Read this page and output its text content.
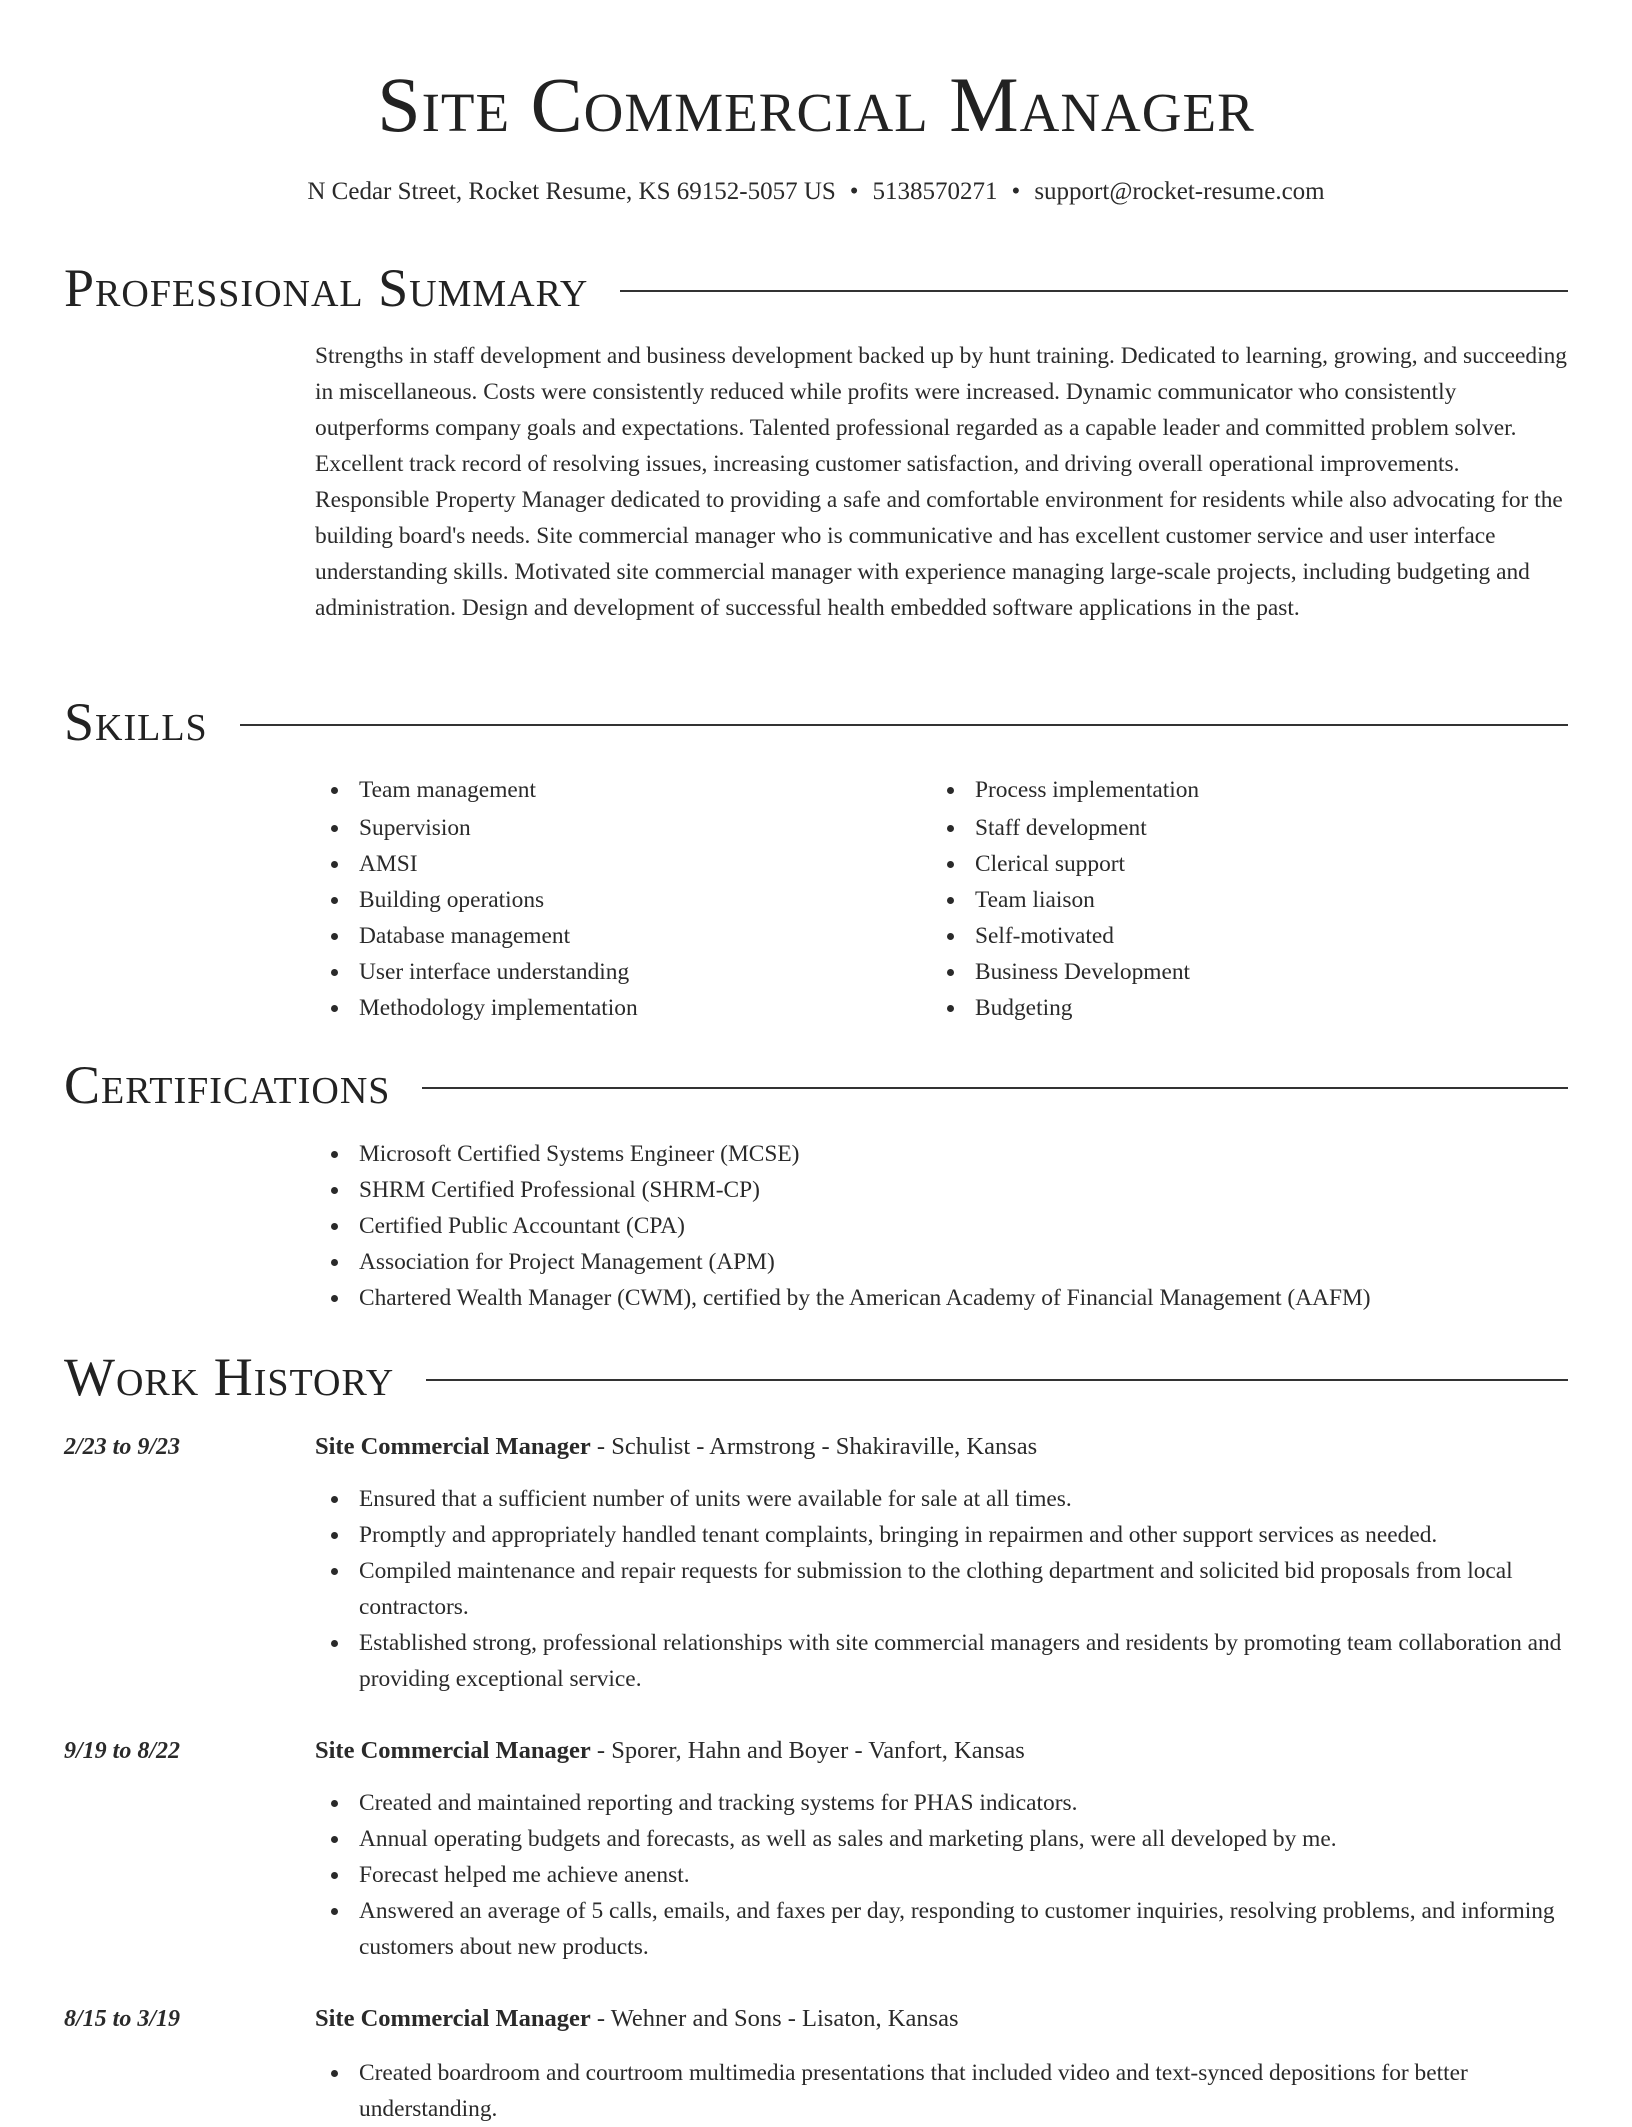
Site Commercial Manager
N Cedar Street, Rocket Resume, KS 69152-5057 US • 5138570271 • support@rocket-resume.com
Professional Summary

Strengths in staff development and business development backed up by hunt training. Dedicated to learning, growing, and succeeding in miscellaneous. Costs were consistently reduced while profits were increased. Dynamic communicator who consistently outperforms company goals and expectations. Talented professional regarded as a capable leader and committed problem solver. Excellent track record of resolving issues, increasing customer satisfaction, and driving overall operational improvements. Responsible Property Manager dedicated to providing a safe and comfortable environment for residents while also advocating for the building board's needs. Site commercial manager who is communicative and has excellent customer service and user interface understanding skills. Motivated site commercial manager with experience managing large-scale projects, including budgeting and administration. Design and development of successful health embedded software applications in the past.

Skills
Team management
Supervision
AMSI
Building operations
Database management
User interface understanding
Methodology implementation
Process implementation
Staff development
Clerical support
Team liaison
Self-motivated
Business Development
Budgeting
Certifications
Microsoft Certified Systems Engineer (MCSE)
SHRM Certified Professional (SHRM-CP)
Certified Public Accountant (CPA)
Association for Project Management (APM)
Chartered Wealth Manager (CWM), certified by the American Academy of Financial Management (AAFM)
Work History
2/23 to 9/23	Site Commercial Manager - Schulist - Armstrong - Shakiraville, Kansas
Ensured that a sufficient number of units were available for sale at all times.
Promptly and appropriately handled tenant complaints, bringing in repairmen and other support services as needed.
Compiled maintenance and repair requests for submission to the clothing department and solicited bid proposals from local contractors.
Established strong, professional relationships with site commercial managers and residents by promoting team collaboration and providing exceptional service.
9/19 to 8/22	Site Commercial Manager - Sporer, Hahn and Boyer - Vanfort, Kansas
Created and maintained reporting and tracking systems for PHAS indicators.
Annual operating budgets and forecasts, as well as sales and marketing plans, were all developed by me.
Forecast helped me achieve anenst.
Answered an average of 5 calls, emails, and faxes per day, responding to customer inquiries, resolving problems, and informing customers about new products.
8/15 to 3/19	Site Commercial Manager - Wehner and Sons - Lisaton, Kansas
Created boardroom and courtroom multimedia presentations that included video and text-synced depositions for better understanding.
